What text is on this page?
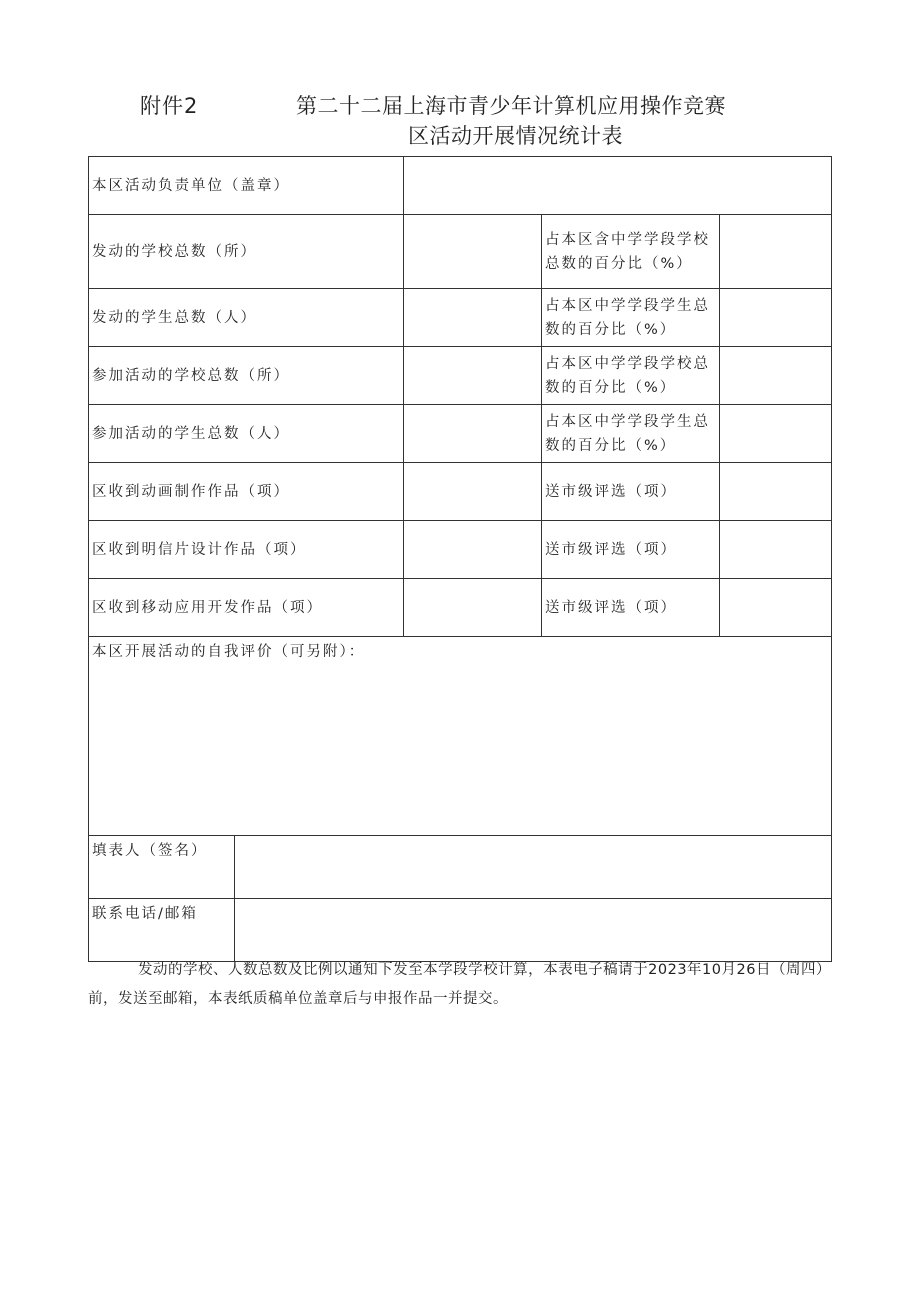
附件2	第二十二届上海市青少年计算机应用操作竞赛
区活动开展情况统计表
本区活动负责单位（盖章）				
发动的学校总数（所）			占本区含中学学段学校总数的百分比（%）	
发动的学生总数（人）			占本区中学学段学生总数的百分比（%）	
参加活动的学校总数（所）			占本区中学学段学校总数的百分比（%）	
参加活动的学生总数（人）			占本区中学学段学生总数的百分比（%）	
区收到动画制作作品（项）			送市级评选（项）	
区收到明信片设计作品（项）			送市级评选（项）	
区收到移动应用开发作品（项）			送市级评选（项）	
本区开展活动的自我评价（可另附）：				
填表人（签名）				
联系电话/邮箱				
发动的学校、人数总数及比例以通知下发至本学段学校计算，本表电子稿请于2023年10月26日（周四）前，发送至邮箱，本表纸质稿单位盖章后与申报作品一并提交。
